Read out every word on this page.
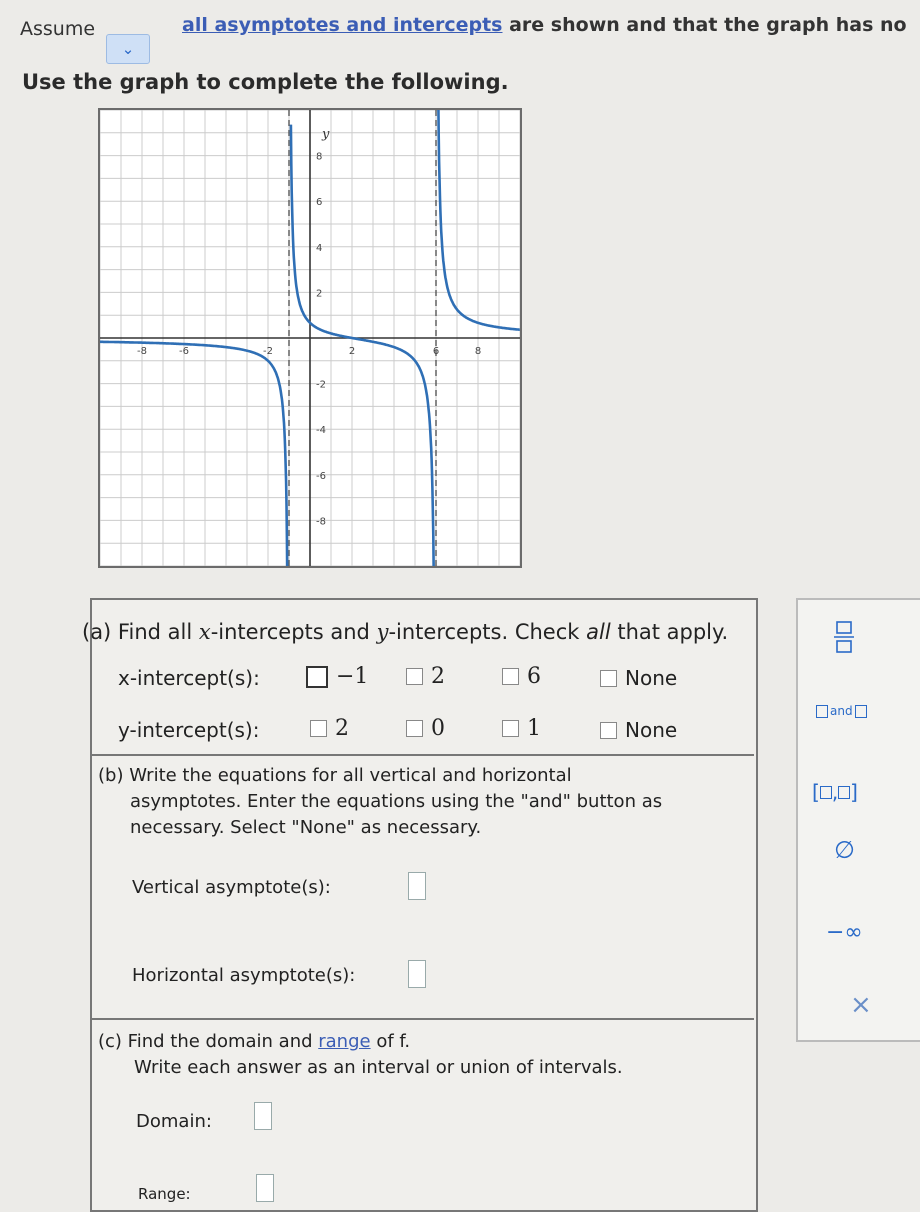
Assume
⌄
all asymptotes and intercepts are shown and that the graph has no
Use the graph to complete the following.
-8	-6	-2	2	6	8
8
6
4
2
-2
-4
-6
-8
y
(a) Find all x-intercepts and y-intercepts. Check all that apply.
x-intercept(s):	−1	2	6	None
y-intercept(s):	2	0	1	None
(b) Write the equations for all vertical and horizontal
asymptotes. Enter the equations using the "and" button as
necessary. Select "None" as necessary.
Vertical asymptote(s):
Horizontal asymptote(s):
(c) Find the domain and range of f.
Write each answer as an interval or union of intervals.
Domain:
Range:
and
[ , ]
∅
−∞
×
